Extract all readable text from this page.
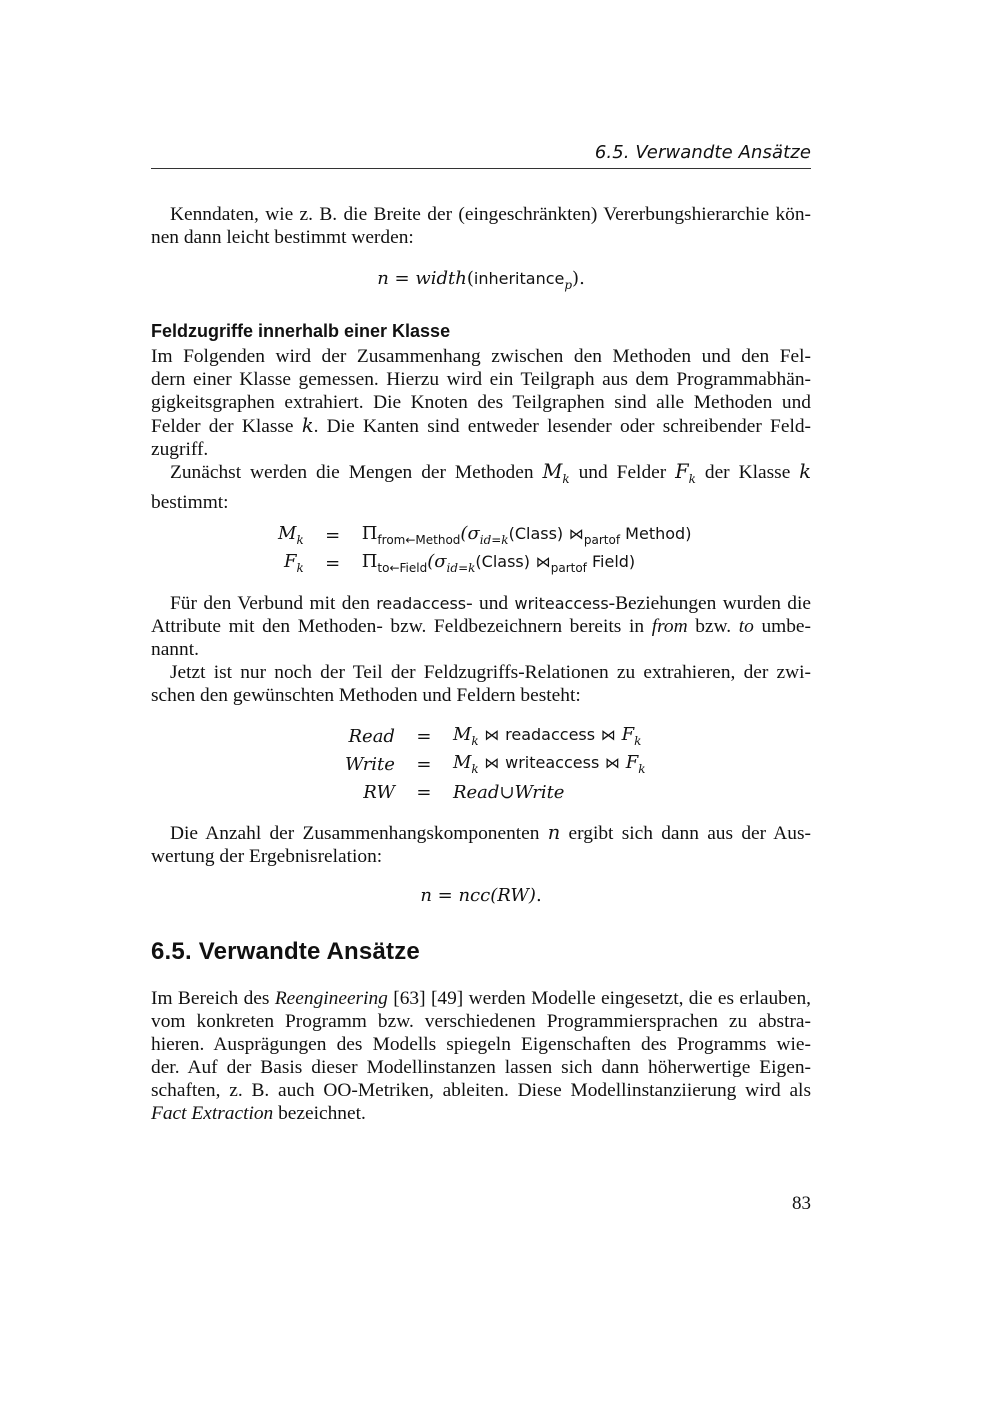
6.5. Verwandte Ansätze
Kenndaten, wie z. B. die Breite der (eingeschränkten) Vererbungshierarchie kön-
nen dann leicht bestimmt werden:
n = width(inheritance$_p$).
Feldzugriffe innerhalb einer Klasse
Im Folgenden wird der Zusammenhang zwischen den Methoden und den Fel-
dern einer Klasse gemessen. Hierzu wird ein Teilgraph aus dem Programmabhän-
gigkeitsgraphen extrahiert. Die Knoten des Teilgraphen sind alle Methoden und
Felder der Klasse k. Die Kanten sind entweder lesender oder schreibender Feld-
zugriff.
Zunächst werden die Mengen der Methoden $M_k$ und Felder $F_k$ der Klasse k
bestimmt:
$M_k$	=	$\Pi_{from\leftarrow Method}(\sigma_{id=k}(Class)$ $⋈_{partof}$ Method)
$F_k$	=	$\Pi_{to\leftarrow Field}(\sigma_{id=k}(Class)$ $⋈_{partof}$ Field)
Für den Verbund mit den readaccess- und writeaccess-Beziehungen wurden die
Attribute mit den Methoden- bzw. Feldbezeichnern bereits in from bzw. to umbe-
nannt.
Jetzt ist nur noch der Teil der Feldzugriffs-Relationen zu extrahieren, der zwi-
schen den gewünschten Methoden und Feldern besteht:
Read	=	$M_k$ ⋈ readaccess ⋈ $F_k$
Write	=	$M_k$ ⋈ writeaccess ⋈ $F_k$
RW	=	Read∪Write
Die Anzahl der Zusammenhangskomponenten n ergibt sich dann aus der Aus-
wertung der Ergebnisrelation:
n = ncc(RW).
6.5. Verwandte Ansätze
Im Bereich des Reengineering [63] [49] werden Modelle eingesetzt, die es erlauben,
vom konkreten Programm bzw. verschiedenen Programmiersprachen zu abstra-
hieren. Ausprägungen des Modells spiegeln Eigenschaften des Programms wie-
der. Auf der Basis dieser Modellinstanzen lassen sich dann höherwertige Eigen-
schaften, z. B. auch OO-Metriken, ableiten. Diese Modellinstanziierung wird als
Fact Extraction bezeichnet.
83
